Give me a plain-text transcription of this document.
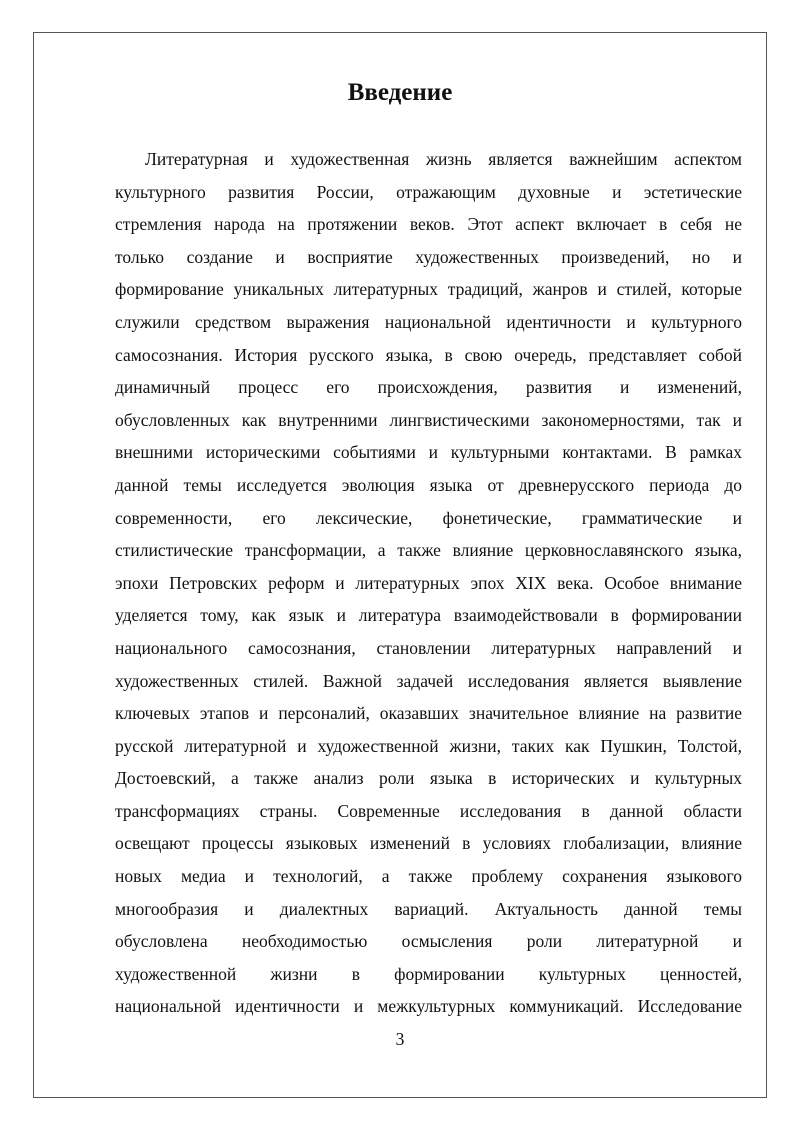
Введение
Литературная и художественная жизнь является важнейшим аспектом
культурного развития России, отражающим духовные и эстетические
стремления народа на протяжении веков. Этот аспект включает в себя не
только создание и восприятие художественных произведений, но и
формирование уникальных литературных традиций, жанров и стилей, которые
служили средством выражения национальной идентичности и культурного
самосознания. История русского языка, в свою очередь, представляет собой
динамичный процесс его происхождения, развития и изменений,
обусловленных как внутренними лингвистическими закономерностями, так и
внешними историческими событиями и культурными контактами. В рамках
данной темы исследуется эволюция языка от древнерусского периода до
современности, его лексические, фонетические, грамматические и
стилистические трансформации, а также влияние церковнославянского языка,
эпохи Петровских реформ и литературных эпох XIX века. Особое внимание
уделяется тому, как язык и литература взаимодействовали в формировании
национального самосознания, становлении литературных направлений и
художественных стилей. Важной задачей исследования является выявление
ключевых этапов и персоналий, оказавших значительное влияние на развитие
русской литературной и художественной жизни, таких как Пушкин, Толстой,
Достоевский, а также анализ роли языка в исторических и культурных
трансформациях страны. Современные исследования в данной области
освещают процессы языковых изменений в условиях глобализации, влияние
новых медиа и технологий, а также проблему сохранения языкового
многообразия и диалектных вариаций. Актуальность данной темы
обусловлена необходимостью осмысления роли литературной и
художественной жизни в формировании культурных ценностей,
национальной идентичности и межкультурных коммуникаций. Исследование
3
